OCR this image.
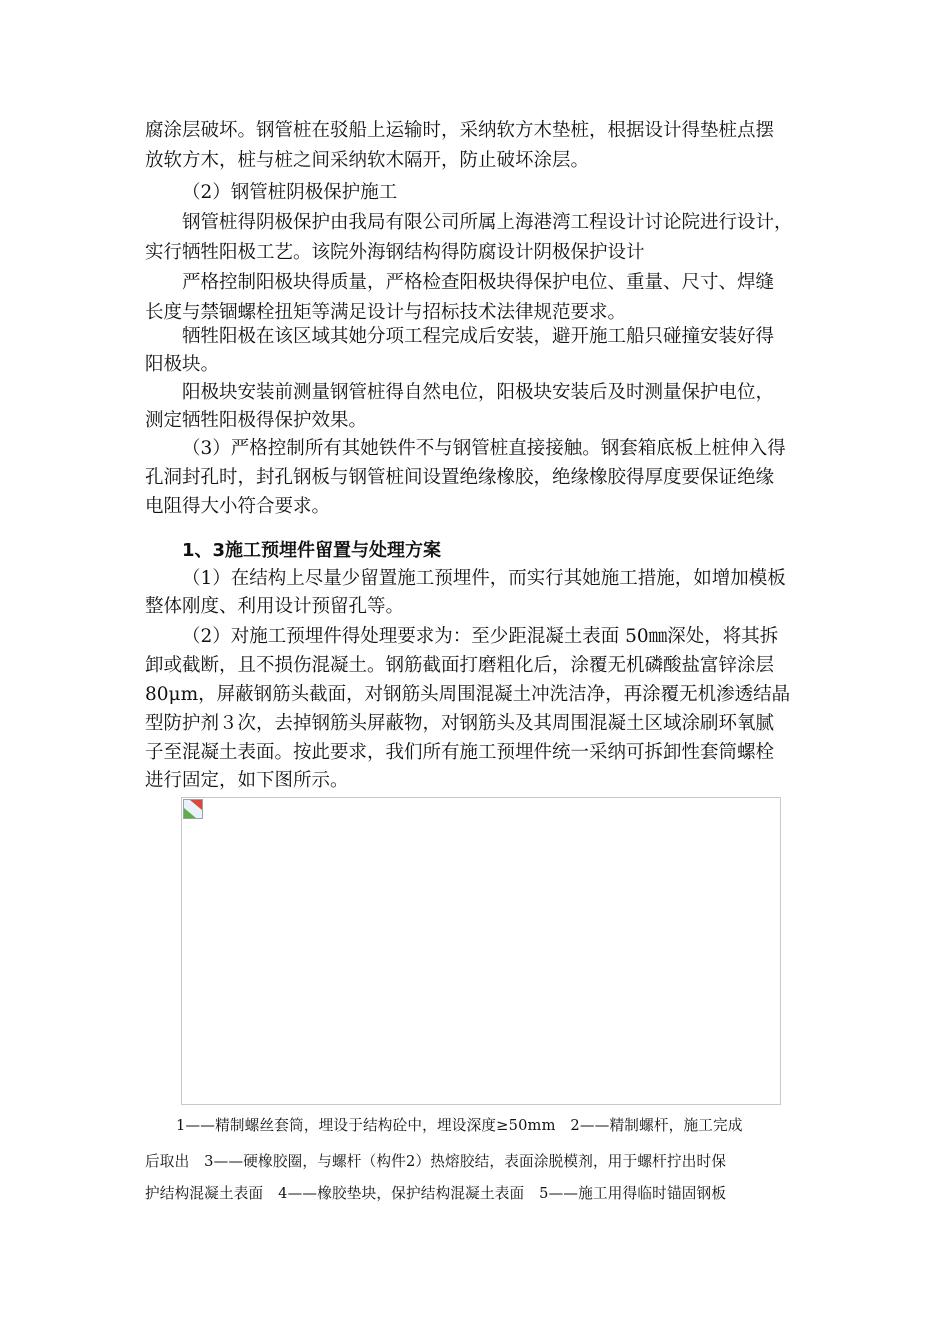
腐涂层破坏。钢管桩在驳船上运输时，采纳软方木垫桩，根据设计得垫桩点摆
放软方木，桩与桩之间采纳软木隔开，防止破坏涂层。
（2）钢管桩阴极保护施工
钢管桩得阴极保护由我局有限公司所属上海港湾工程设计讨论院进行设计，
实行牺牲阳极工艺。该院外海钢结构得防腐设计阴极保护设计
严格控制阳极块得质量，严格检查阳极块得保护电位、重量、尺寸、焊缝
长度与禁锢螺栓扭矩等满足设计与招标技术法律规范要求。
牺牲阳极在该区域其她分项工程完成后安装，避开施工船只碰撞安装好得
阳极块。
阳极块安装前测量钢管桩得自然电位，阳极块安装后及时测量保护电位，
测定牺牲阳极得保护效果。
（3）严格控制所有其她铁件不与钢管桩直接接触。钢套箱底板上桩伸入得
孔洞封孔时，封孔钢板与钢管桩间设置绝缘橡胶，绝缘橡胶得厚度要保证绝缘
电阻得大小符合要求。
1、3施工预埋件留置与处理方案
（1）在结构上尽量少留置施工预埋件，而实行其她施工措施，如增加模板
整体刚度、利用设计预留孔等。
（2）对施工预埋件得处理要求为：至少距混凝土表面 50㎜深处，将其拆
卸或截断，且不损伤混凝土。钢筋截面打磨粗化后，涂覆无机磷酸盐富锌涂层
80μm，屏蔽钢筋头截面，对钢筋头周围混凝土冲洗洁净，再涂覆无机渗透结晶
型防护剂３次，去掉钢筋头屏蔽物，对钢筋头及其周围混凝土区域涂刷环氧腻
子至混凝土表面。按此要求，我们所有施工预埋件统一采纳可拆卸性套筒螺栓
进行固定，如下图所示。
1——精制螺丝套筒，埋设于结构砼中，埋设深度≥50mm　2——精制螺杆，施工完成
后取出　3——硬橡胶圈，与螺杆（构件2）热熔胶结，表面涂脱模剂，用于螺杆拧出时保
护结构混凝土表面　4——橡胶垫块，保护结构混凝土表面　5——施工用得临时锚固钢板
